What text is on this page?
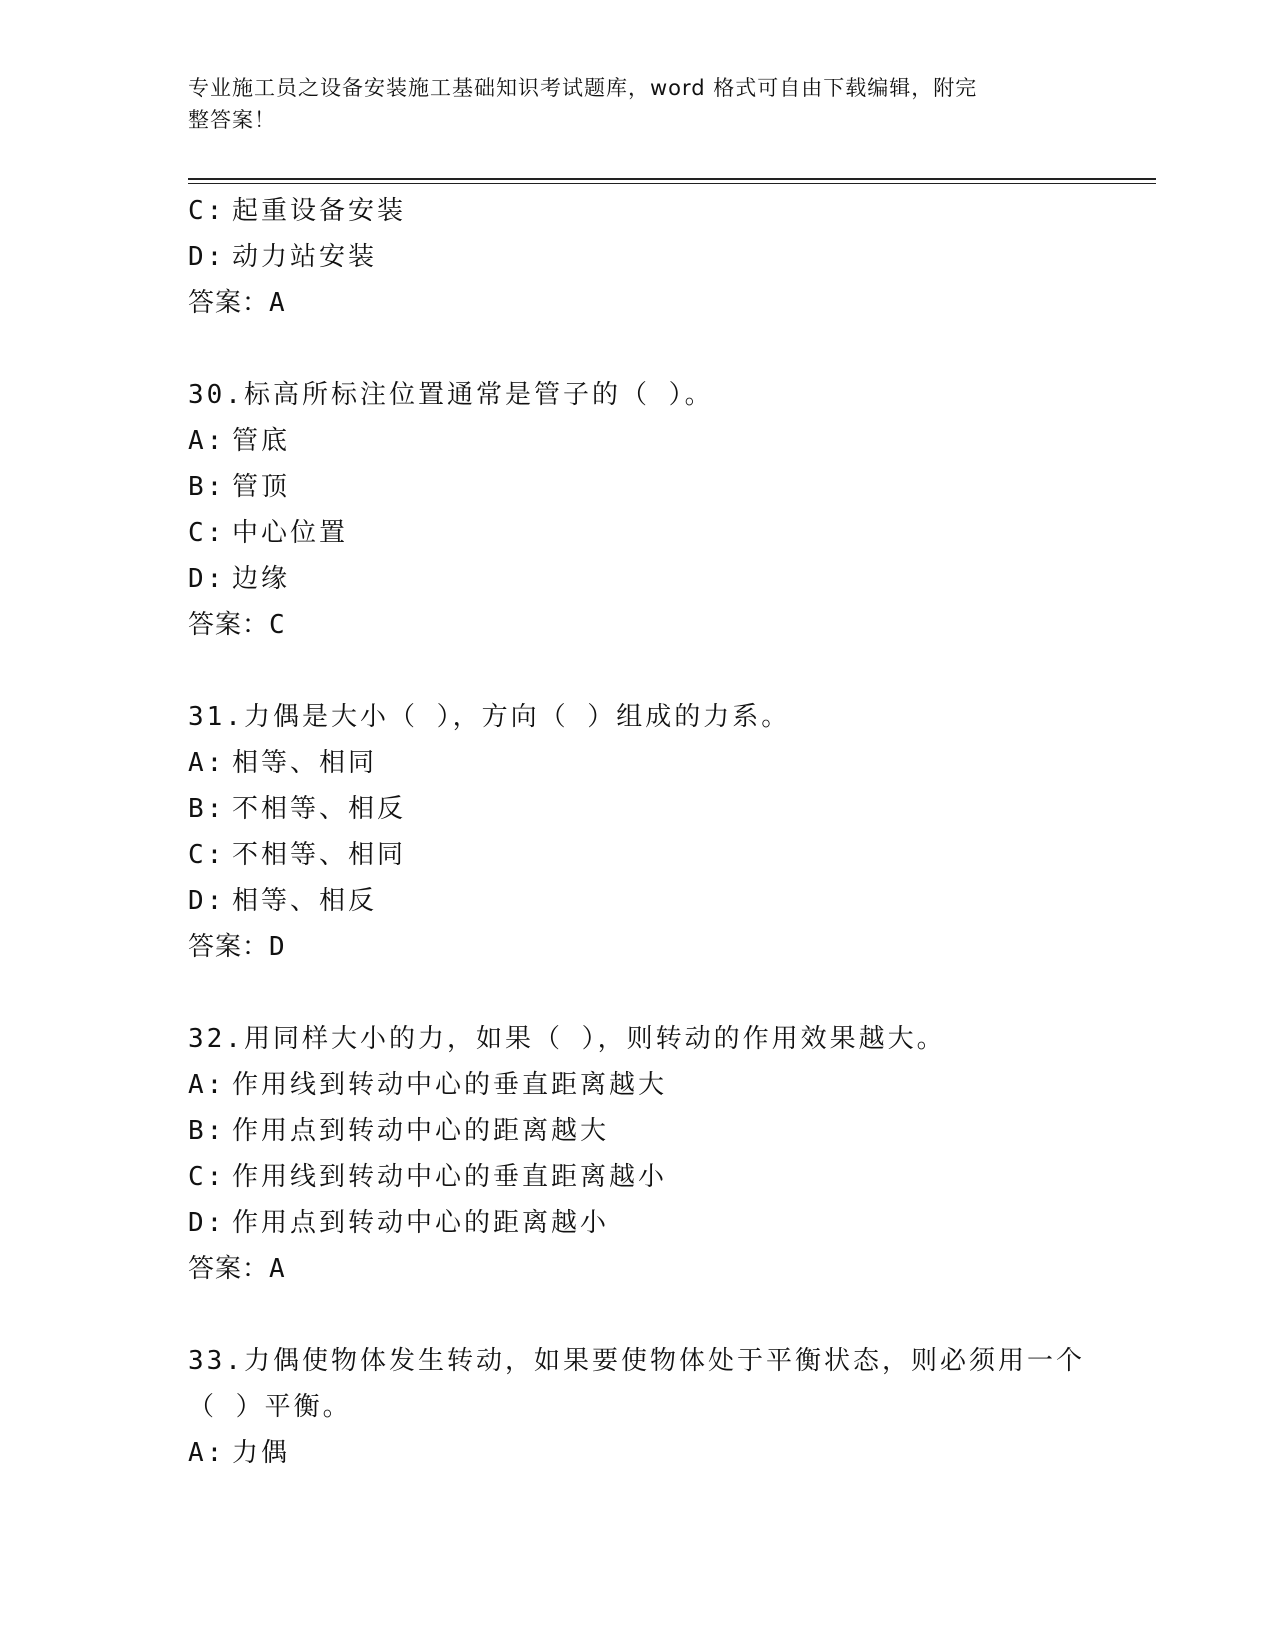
专业施工员之设备安装施工基础知识考试题库，word 格式可自由下载编辑，附完
整答案！
C: 起重设备安装
D: 动力站安装
答案：A
30.标高所标注位置通常是管子的（ ）。
A: 管底
B: 管顶
C: 中心位置
D: 边缘
答案：C
31.力偶是大小（ ），方向（ ）组成的力系。
A: 相等、相同
B: 不相等、相反
C: 不相等、相同
D: 相等、相反
答案：D
32.用同样大小的力，如果（ ），则转动的作用效果越大。
A: 作用线到转动中心的垂直距离越大
B: 作用点到转动中心的距离越大
C: 作用线到转动中心的垂直距离越小
D: 作用点到转动中心的距离越小
答案：A
33.力偶使物体发生转动，如果要使物体处于平衡状态，则必须用一个
（ ）平衡。
A: 力偶
